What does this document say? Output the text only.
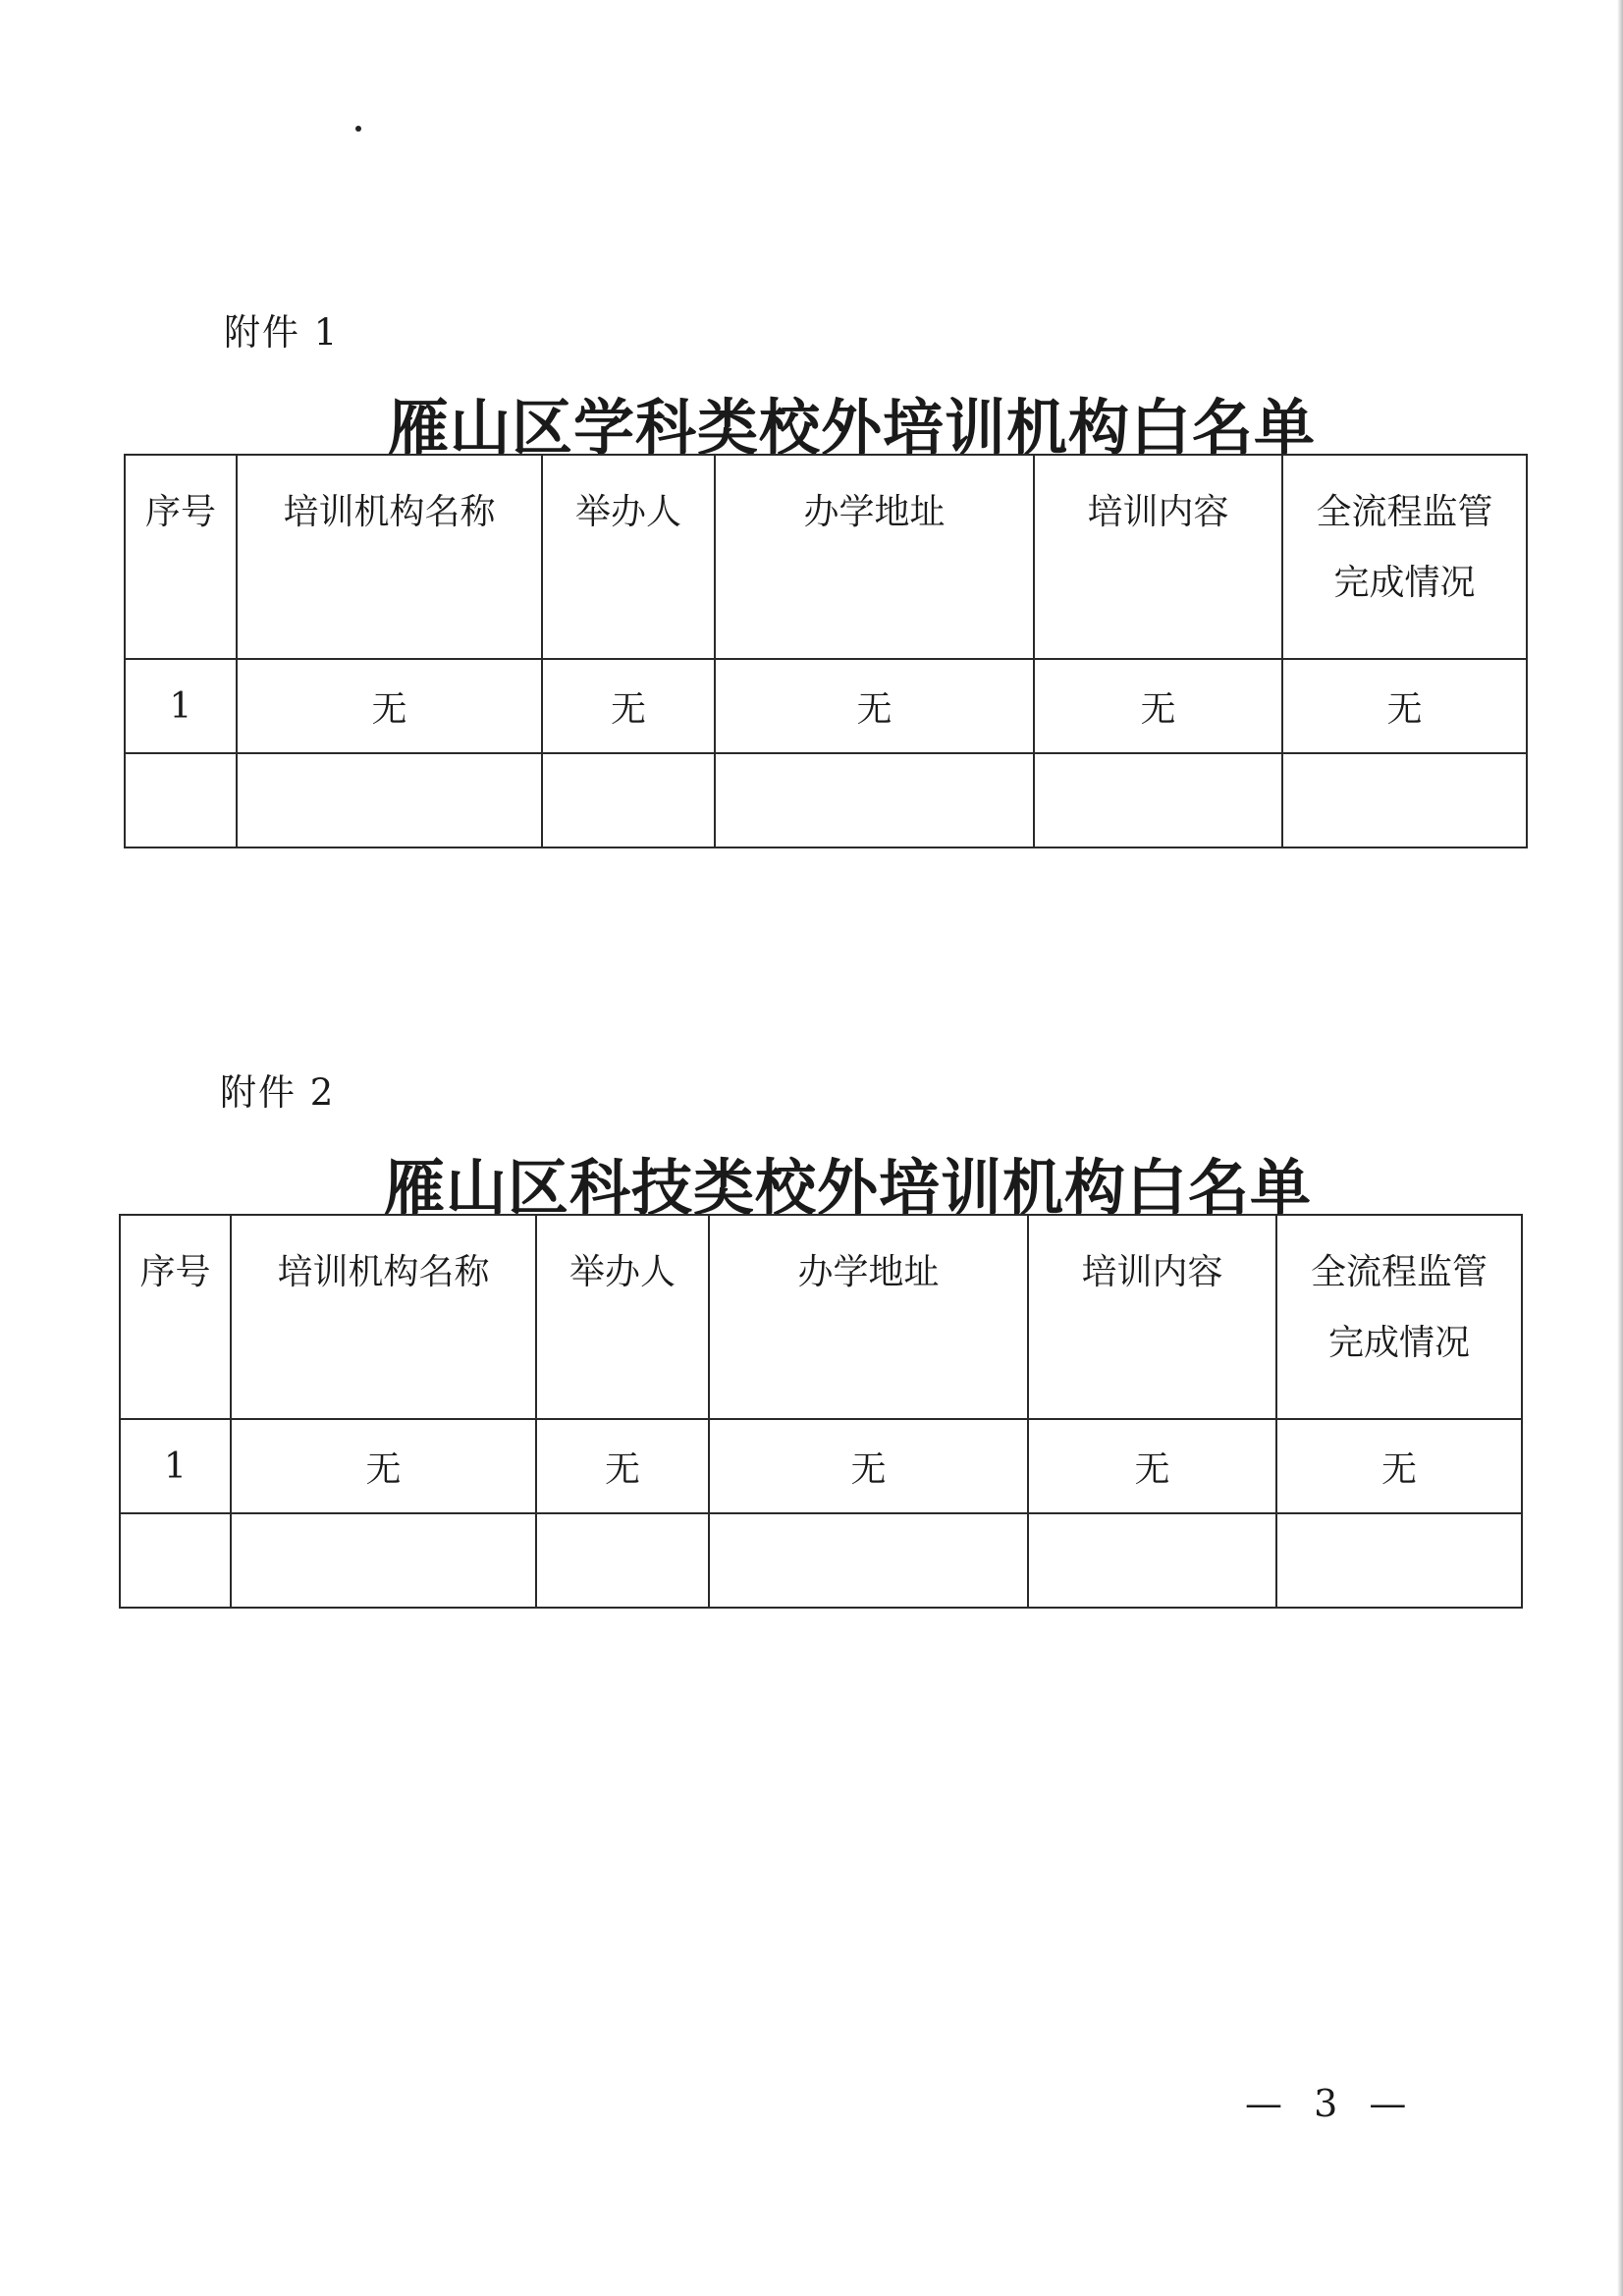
附件 1
雁山区学科类校外培训机构白名单
序号	培训机构名称	举办人	办学地址	培训内容	全流程监管完成情况
1	无	无	无	无	无

附件 2
雁山区科技类校外培训机构白名单
序号	培训机构名称	举办人	办学地址	培训内容	全流程监管完成情况
1	无	无	无	无	无

— 3 —
